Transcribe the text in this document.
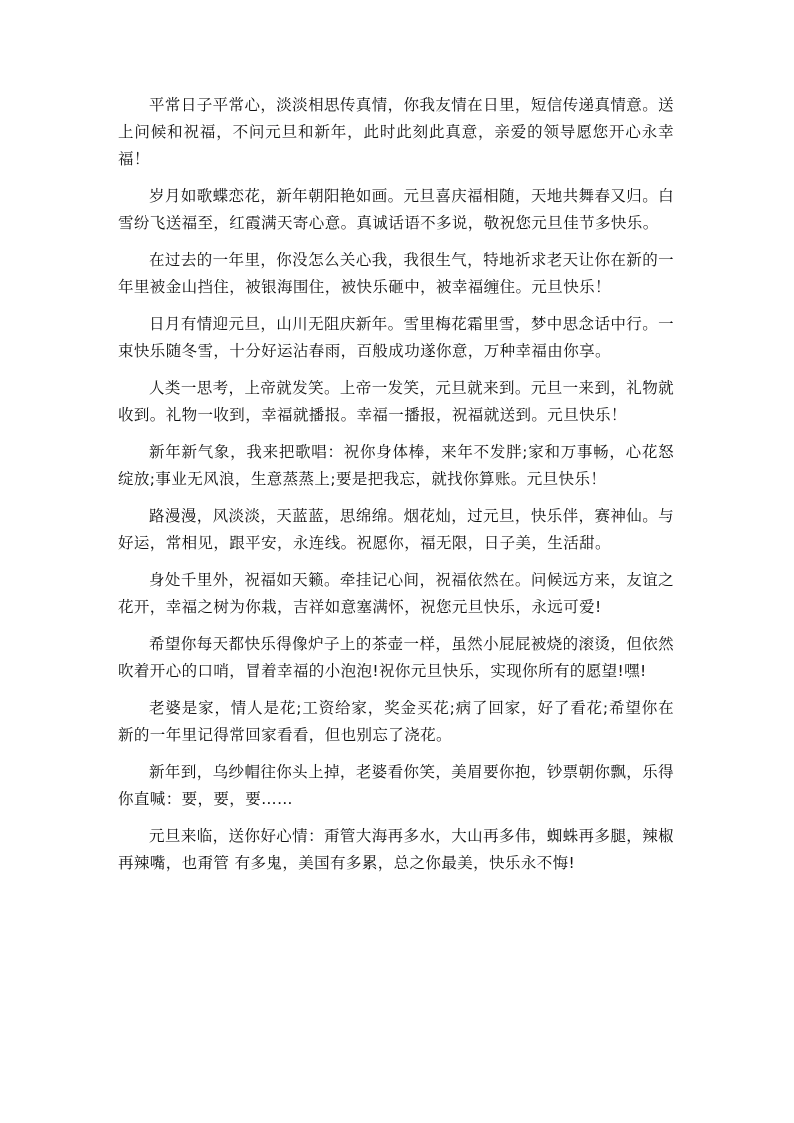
平常日子平常心，淡淡相思传真情，你我友情在日里，短信传递真情意。送上问候和祝福，不问元旦和新年，此时此刻此真意，亲爱的领导愿您开心永幸福！

岁月如歌蝶恋花，新年朝阳艳如画。元旦喜庆福相随，天地共舞春又归。白雪纷飞送福至，红霞满天寄心意。真诚话语不多说，敬祝您元旦佳节多快乐。

在过去的一年里，你没怎么关心我，我很生气，特地祈求老天让你在新的一年里被金山挡住，被银海围住，被快乐砸中，被幸福缠住。元旦快乐！

日月有情迎元旦，山川无阻庆新年。雪里梅花霜里雪，梦中思念话中行。一束快乐随冬雪，十分好运沾春雨，百般成功遂你意，万种幸福由你享。

人类一思考，上帝就发笑。上帝一发笑，元旦就来到。元旦一来到，礼物就收到。礼物一收到，幸福就播报。幸福一播报，祝福就送到。元旦快乐！

新年新气象，我来把歌唱：祝你身体棒，来年不发胖;家和万事畅，心花怒绽放;事业无风浪，生意蒸蒸上;要是把我忘，就找你算账。元旦快乐！

路漫漫，风淡淡，天蓝蓝，思绵绵。烟花灿，过元旦，快乐伴，赛神仙。与好运，常相见，跟平安，永连线。祝愿你，福无限，日子美，生活甜。

身处千里外，祝福如天籁。牵挂记心间，祝福依然在。问候远方来，友谊之花开，幸福之树为你栽，吉祥如意塞满怀，祝您元旦快乐，永远可爱!

希望你每天都快乐得像炉子上的茶壶一样，虽然小屁屁被烧的滚烫，但依然吹着开心的口哨，冒着幸福的小泡泡!祝你元旦快乐，实现你所有的愿望!嘿!

老婆是家，情人是花;工资给家，奖金买花;病了回家，好了看花;希望你在新的一年里记得常回家看看，但也别忘了浇花。

新年到，乌纱帽往你头上掉，老婆看你笑，美眉要你抱，钞票朝你飘，乐得你直喊：要，要，要……

元旦来临，送你好心情：甭管大海再多水，大山再多伟，蜘蛛再多腿，辣椒再辣嘴，也甭管 有多鬼，美国有多累，总之你最美，快乐永不悔!
